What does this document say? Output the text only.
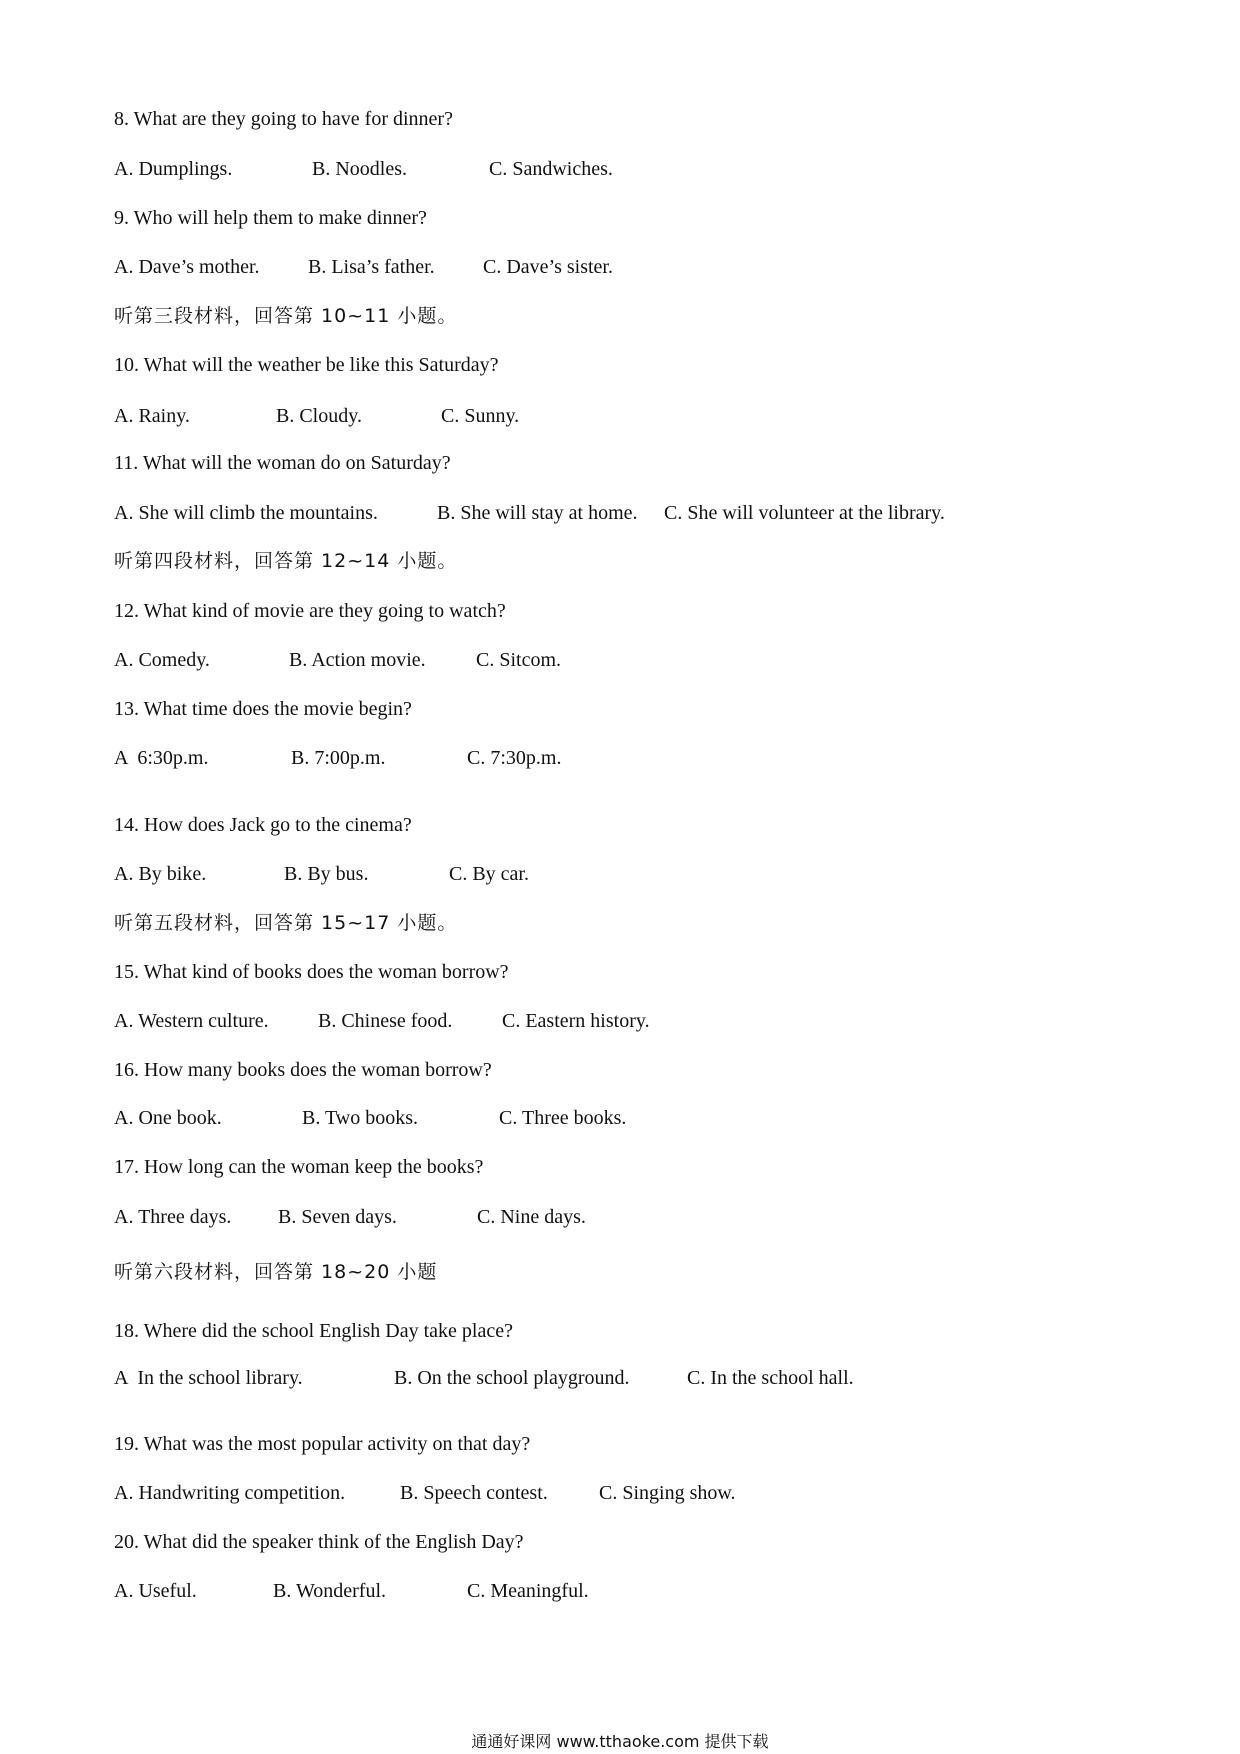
8. What are they going to have for dinner?
A. Dumplings.	B. Noodles.	C. Sandwiches.
9. Who will help them to make dinner?
A. Dave’s mother. B. Lisa’s father. C. Dave’s sister.
听第三段材料，回答第 10~11 小题。
10. What will the weather be like this Saturday?
A. Rainy.	B. Cloudy.	C. Sunny.
11. What will the woman do on Saturday?
A. She will climb the mountains.	B. She will stay at home. C. She will volunteer at the library.
听第四段材料，回答第 12~14 小题。
12. What kind of movie are they going to watch?
A. Comedy.	B. Action movie.	C. Sitcom.
13. What time does the movie begin?
A  6:30p.m.	B. 7:00p.m.	C. 7:30p.m.
14. How does Jack go to the cinema?
A. By bike.	B. By bus.	C. By car.
听第五段材料，回答第 15~17 小题。
15. What kind of books does the woman borrow?
A. Western culture. B. Chinese food. C. Eastern history.
16. How many books does the woman borrow?
A. One book.	B. Two books.	C. Three books.
17. How long can the woman keep the books?
A. Three days. B. Seven days.	C. Nine days.
听第六段材料，回答第 18~20 小题
18. Where did the school English Day take place?
A  In the school library.	B. On the school playground.	C. In the school hall.
19. What was the most popular activity on that day?
A. Handwriting competition.	B. Speech contest.	C. Singing show.
20. What did the speaker think of the English Day?
A. Useful.	B. Wonderful.	C. Meaningful.
通通好课网 www.tthaoke.com 提供下载
